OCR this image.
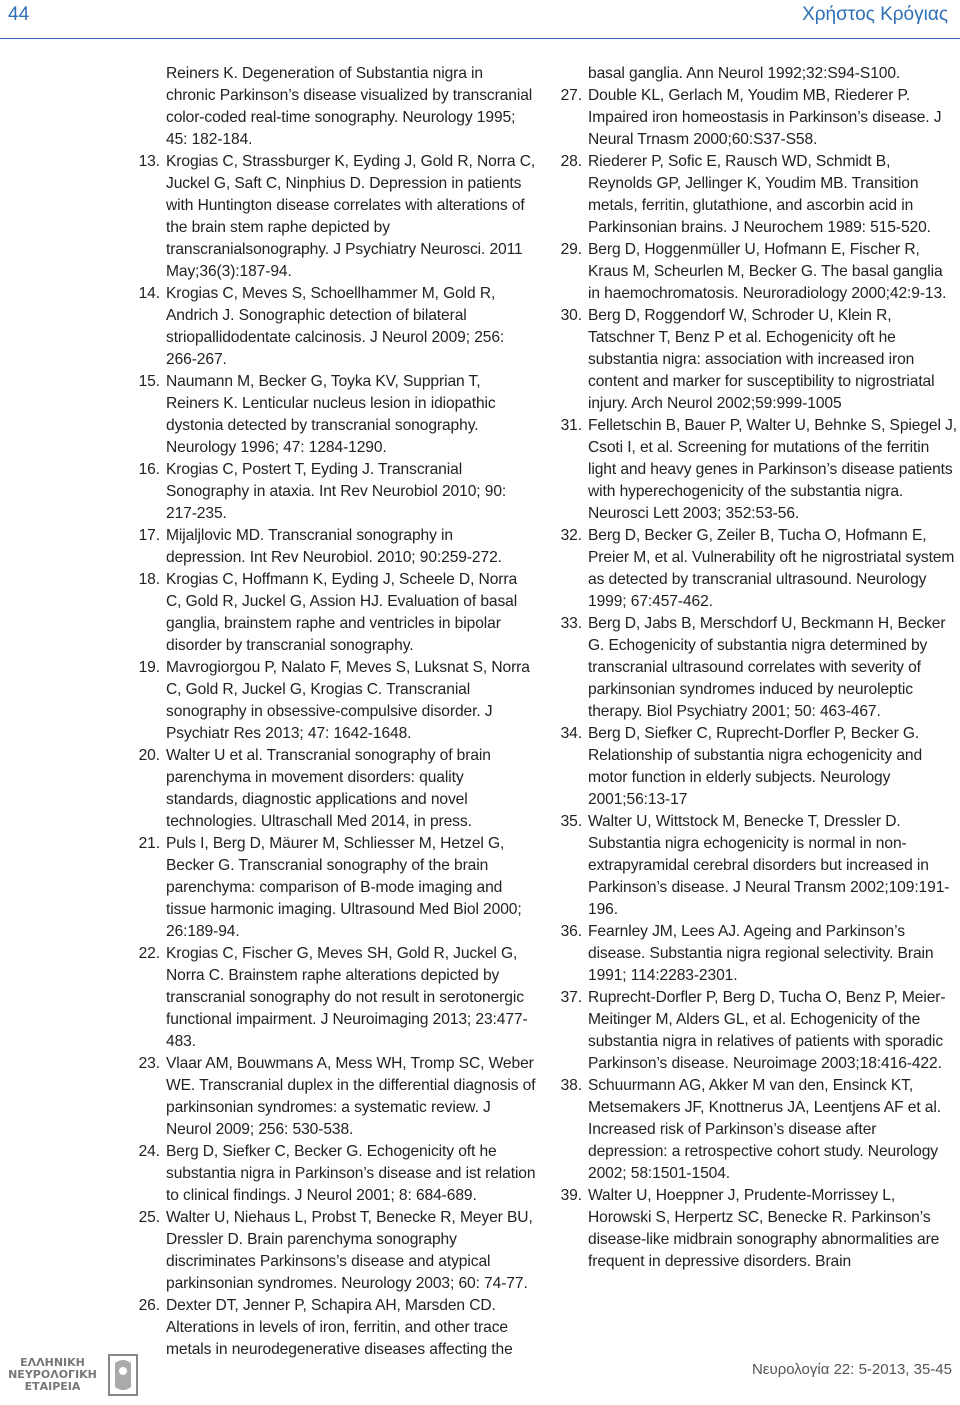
44	Χρήστος Κρόγιας
Reiners K. Degeneration of Substantia nigra in chronic Parkinson’s disease visualized by transcranial color-coded real-time sonography. Neurology 1995; 45: 182-184.
13. Krogias C, Strassburger K, Eyding J, Gold R, Norra C, Juckel G, Saft C, Ninphius D. Depression in patients with Huntington disease correlates with alterations of the brain stem raphe depicted by transcranialsonography. J Psychiatry Neurosci. 2011 May;36(3):187-94.
14. Krogias C, Meves S, Schoellhammer M, Gold R, Andrich J. Sonographic detection of bilateral striopallidodentate calcinosis. J Neurol 2009; 256: 266-267.
15. Naumann M, Becker G, Toyka KV, Supprian T, Reiners K. Lenticular nucleus lesion in idiopathic dystonia detected by transcranial sonography. Neurology 1996; 47: 1284-1290.
16. Krogias C, Postert T, Eyding J. Transcranial Sonography in ataxia. Int Rev Neurobiol 2010; 90: 217-235.
17. Mijaljlovic MD. Transcranial sonography in depression. Int Rev Neurobiol. 2010; 90:259-272.
18. Krogias C, Hoffmann K, Eyding J, Scheele D, Norra C, Gold R, Juckel G, Assion HJ. Evaluation of basal ganglia, brainstem raphe and ventricles in bipolar disorder by transcranial sonography.
19. Mavrogiorgou P, Nalato F, Meves S, Luksnat S, Norra C, Gold R, Juckel G, Krogias C. Transcranial sonography in obsessive-compulsive disorder. J Psychiatr Res 2013; 47: 1642-1648.
20. Walter U et al. Transcranial sonography of brain parenchyma in movement disorders: quality standards, diagnostic applications and novel technologies. Ultraschall Med 2014, in press.
21. Puls I, Berg D, Mäurer M, Schliesser M, Hetzel G, Becker G. Transcranial sonography of the brain parenchyma: comparison of B-mode imaging and tissue harmonic imaging. Ultrasound Med Biol 2000; 26:189-94.
22. Krogias C, Fischer G, Meves SH, Gold R, Juckel G, Norra C. Brainstem raphe alterations depicted by transcranial sonography do not result in serotonergic functional impairment. J Neuroimaging 2013; 23:477-483.
23. Vlaar AM, Bouwmans A, Mess WH, Tromp SC, Weber WE. Transcranial duplex in the differential diagnosis of parkinsonian syndromes: a systematic review. J Neurol 2009; 256: 530-538.
24. Berg D, Siefker C, Becker G. Echogenicity oft he substantia nigra in Parkinson’s disease and ist relation to clinical findings. J Neurol 2001; 8: 684-689.
25. Walter U, Niehaus L, Probst T, Benecke R, Meyer BU, Dressler D. Brain parenchyma sonography discriminates Parkinsons’s disease and atypical parkinsonian syndromes. Neurology 2003; 60: 74-77.
26. Dexter DT, Jenner P, Schapira AH, Marsden CD. Alterations in levels of iron, ferritin, and other trace metals in neurodegenerative diseases affecting the
basal ganglia. Ann Neurol 1992;32:S94-S100.
27. Double KL, Gerlach M, Youdim MB, Riederer P. Impaired iron homeostasis in Parkinson’s disease. J Neural Trnasm 2000;60:S37-S58.
28. Riederer P, Sofic E, Rausch WD, Schmidt B, Reynolds GP, Jellinger K, Youdim MB. Transition metals, ferritin, glutathione, and ascorbin acid in Parkinsonian brains. J Neurochem 1989: 515-520.
29. Berg D, Hoggenmüller U, Hofmann E, Fischer R, Kraus M, Scheurlen M, Becker G. The basal ganglia in haemochromatosis. Neuroradiology 2000;42:9-13.
30. Berg D, Roggendorf W, Schroder U, Klein R, Tatschner T, Benz P et al. Echogenicity oft he substantia nigra: association with increased iron content and marker for susceptibility to nigrostriatal injury. Arch Neurol 2002;59:999-1005
31. Felletschin B, Bauer P, Walter U, Behnke S, Spiegel J, Csoti I, et al. Screening for mutations of the ferritin light and heavy genes in Parkinson’s disease patients with hyperechogenicity of the substantia nigra. Neurosci Lett 2003; 352:53-56.
32. Berg D, Becker G, Zeiler B, Tucha O, Hofmann E, Preier M, et al. Vulnerability oft he nigrostriatal system as detected by transcranial ultrasound. Neurology 1999; 67:457-462.
33. Berg D, Jabs B, Merschdorf U, Beckmann H, Becker G. Echogenicity of substantia nigra determined by transcranial ultrasound correlates with severity of parkinsonian syndromes induced by neuroleptic therapy. Biol Psychiatry 2001; 50: 463-467.
34. Berg D, Siefker C, Ruprecht-Dorfler P, Becker G. Relationship of substantia nigra echogenicity and motor function in elderly subjects. Neurology 2001;56:13-17
35. Walter U, Wittstock M, Benecke T, Dressler D. Substantia nigra echogenicity is normal in non-extrapyramidal cerebral disorders but increased in Parkinson’s disease. J Neural Transm 2002;109:191-196.
36. Fearnley JM, Lees AJ. Ageing and Parkinson’s disease. Substantia nigra regional selectivity. Brain 1991; 114:2283-2301.
37. Ruprecht-Dorfler P, Berg D, Tucha O, Benz P, Meier-Meitinger M, Alders GL, et al. Echogenicity of the substantia nigra in relatives of patients with sporadic Parkinson’s disease. Neuroimage 2003;18:416-422.
38. Schuurmann AG, Akker M van den, Ensinck KT, Metsemakers JF, Knottnerus JA, Leentjens AF et al. Increased risk of Parkinson’s disease after depression: a retrospective cohort study. Neurology 2002; 58:1501-1504.
39. Walter U, Hoeppner J, Prudente-Morrissey L, Horowski S, Herpertz SC, Benecke R. Parkinson’s disease-like midbrain sonography abnormalities are frequent in depressive disorders. Brain
ΕΛΛΗΝΙΚΗ
ΝΕΥΡΟΛΟΓΙΚΗ
ΕΤΑΙΡΕΙΑ
Νευρολογία 22: 5-2013, 35-45
